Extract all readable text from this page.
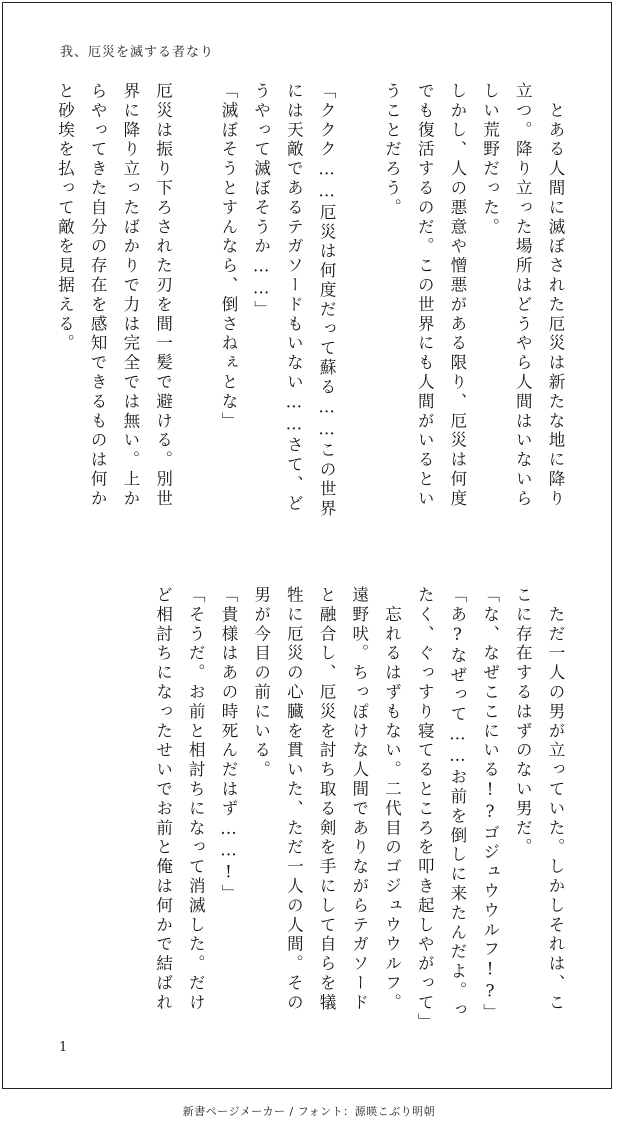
我、厄災を滅する者なり

　とある人間に滅ぼされた厄災は新たな地に降り立つ。降り立った場所はどうやら人間はいないらしい荒野だった。

しかし、人の悪意や憎悪がある限り、厄災は何度でも復活するのだ。この世界にも人間がいるということだろう。

「ククク……厄災は何度だって蘇る……この世界には天敵であるテガソードもいない……さて、どうやって滅ぼそうか……」

「滅ぼそうとすんなら、倒さねぇとな」

厄災は振り下ろされた刃を間一髪で避ける。別世界に降り立ったばかりで力は完全では無い。上からやってきた自分の存在を感知できるものは何かと砂埃を払って敵を見据える。

　ただ一人の男が立っていた。しかしそれは、ここに存在するはずのない男だ。

「な、なぜここにいる!?ゴジュウウルフ!?」

「あ?なぜって……お前を倒しに来たんだよ。ったく、ぐっすり寝てるところを叩き起しやがって」

　忘れるはずもない。二代目のゴジュウウルフ。遠野吠。ちっぽけな人間でありながらテガソードと融合し、厄災を討ち取る剣を手にして自らを犠牲に厄災の心臓を貫いた、ただ一人の人間。その男が今目の前にいる。

「貴様はあの時死んだはず……!」

「そうだ。お前と相討ちになって消滅した。だけど相討ちになったせいでお前と俺は何かで結ばれ

1
新書ページメーカー / フォント：源暎こぶり明朝
